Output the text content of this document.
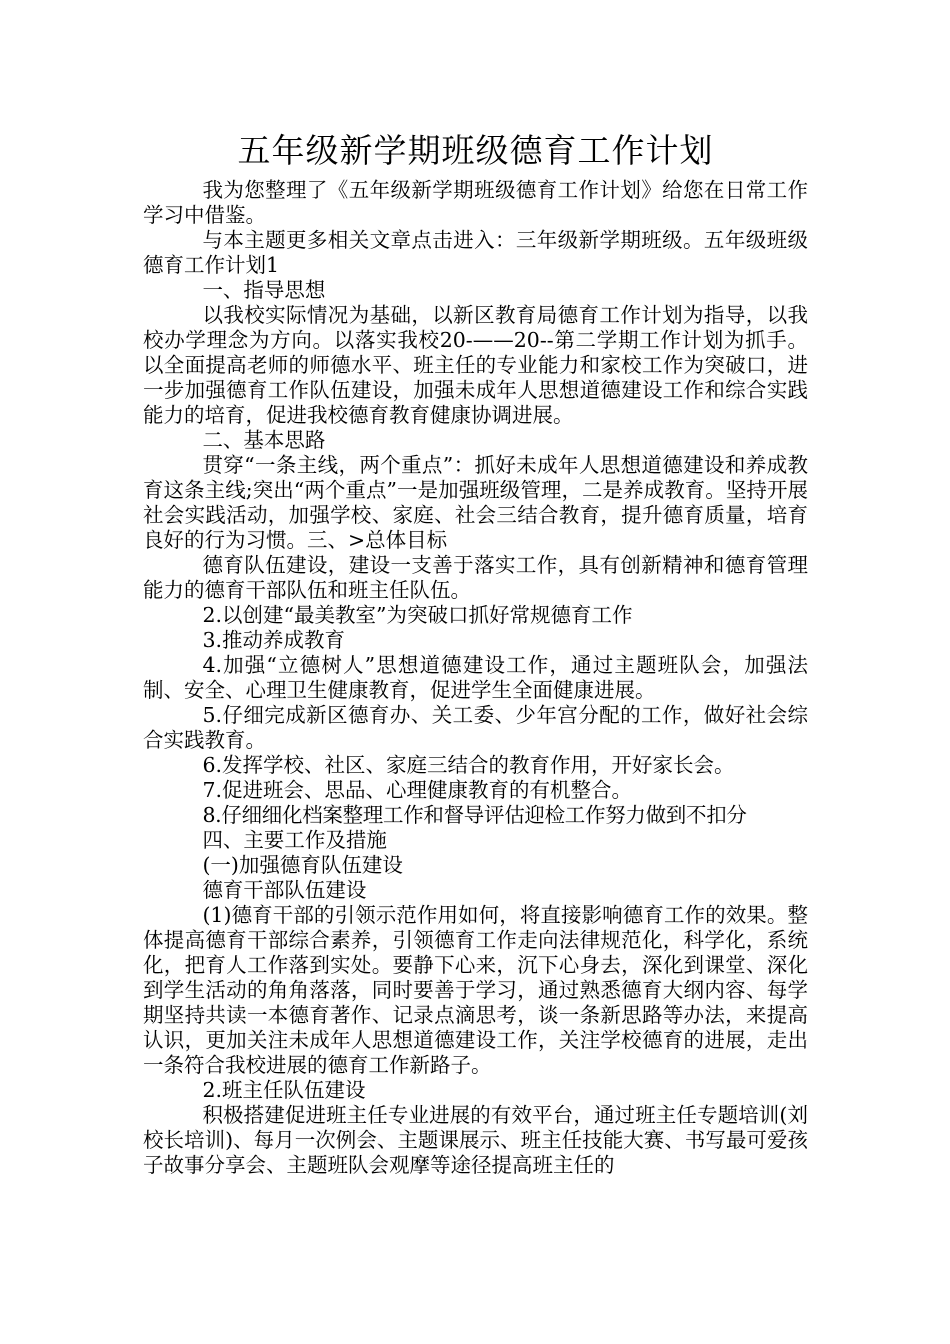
五年级新学期班级德育工作计划

我为您整理了《五年级新学期班级德育工作计划》给您在日常工作学习中借鉴。

与本主题更多相关文章点击进入：三年级新学期班级。五年级班级德育工作计划1

一、指导思想

以我校实际情况为基础，以新区教育局德育工作计划为指导，以我校办学理念为方向。以落实我校20-——20--第二学期工作计划为抓手。以全面提高老师的师德水平、班主任的专业能力和家校工作为突破口，进一步加强德育工作队伍建设，加强未成年人思想道德建设工作和综合实践能力的培育，促进我校德育教育健康协调进展。

二、基本思路

贯穿“一条主线，两个重点”：抓好未成年人思想道德建设和养成教育这条主线;突出“两个重点”一是加强班级管理，二是养成教育。坚持开展社会实践活动，加强学校、家庭、社会三结合教育，提升德育质量，培育良好的行为习惯。三、>总体目标

德育队伍建设，建设一支善于落实工作，具有创新精神和德育管理能力的德育干部队伍和班主任队伍。

2.以创建“最美教室”为突破口抓好常规德育工作

3.推动养成教育

4.加强“立德树人”思想道德建设工作，通过主题班队会，加强法制、安全、心理卫生健康教育，促进学生全面健康进展。

5.仔细完成新区德育办、关工委、少年宫分配的工作，做好社会综合实践教育。

6.发挥学校、社区、家庭三结合的教育作用，开好家长会。

7.促进班会、思品、心理健康教育的有机整合。

8.仔细细化档案整理工作和督导评估迎检工作努力做到不扣分

四、主要工作及措施

(一)加强德育队伍建设

德育干部队伍建设

(1)德育干部的引领示范作用如何，将直接影响德育工作的效果。整体提高德育干部综合素养，引领德育工作走向法律规范化，科学化，系统化，把育人工作落到实处。要静下心来，沉下心身去，深化到课堂、深化到学生活动的角角落落，同时要善于学习，通过熟悉德育大纲内容、每学期坚持共读一本德育著作、记录点滴思考，谈一条新思路等办法，来提高认识，更加关注未成年人思想道德建设工作，关注学校德育的进展，走出一条符合我校进展的德育工作新路子。

2.班主任队伍建设

积极搭建促进班主任专业进展的有效平台，通过班主任专题培训(刘校长培训)、每月一次例会、主题课展示、班主任技能大赛、书写最可爱孩子故事分享会、主题班队会观摩等途径提高班主任的
